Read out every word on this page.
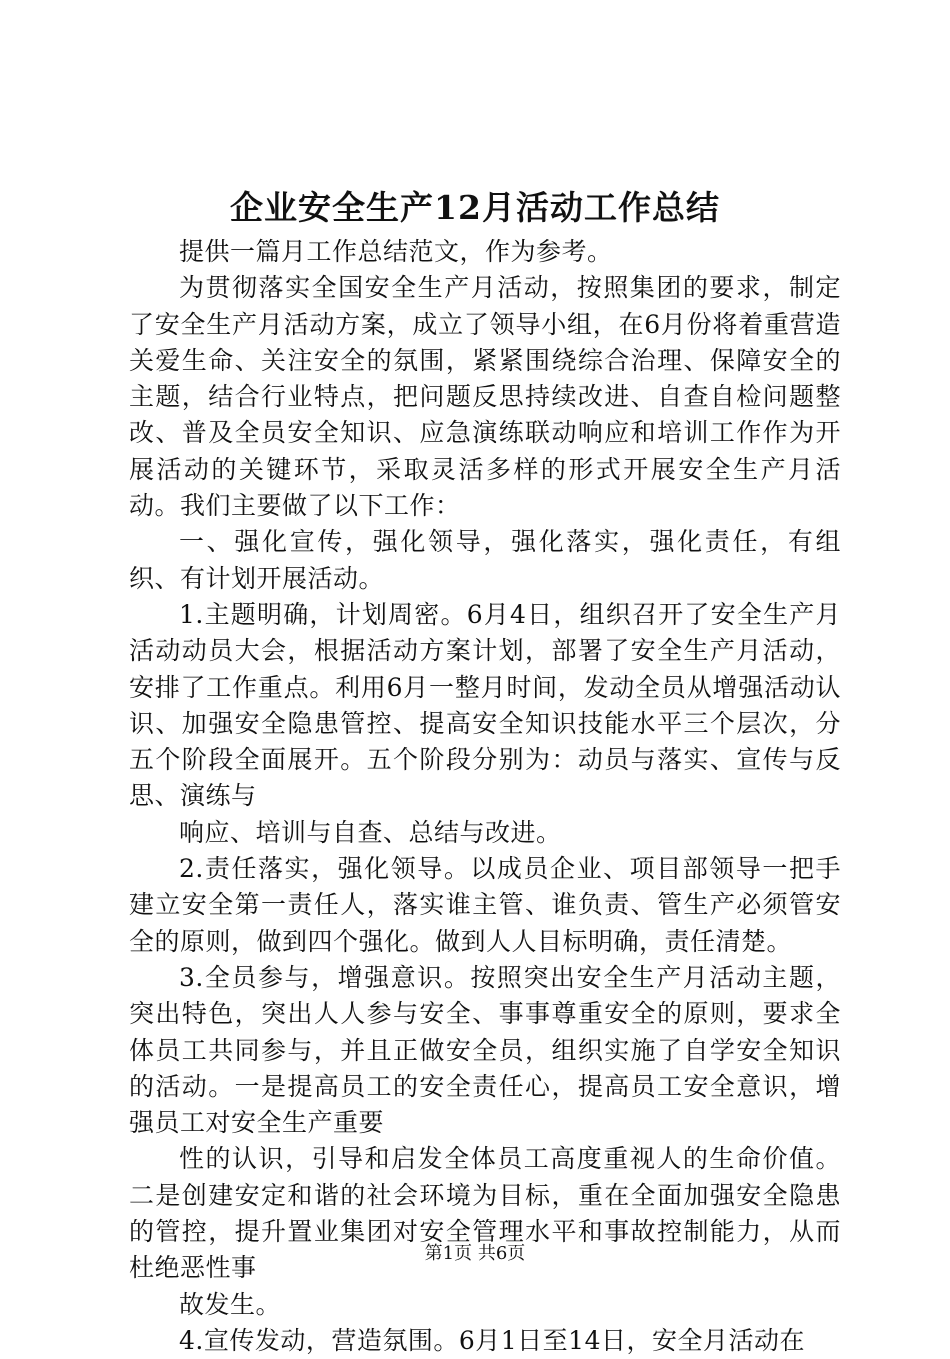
企业安全生产12月活动工作总结

提供一篇月工作总结范文，作为参考。

为贯彻落实全国安全生产月活动，按照集团的要求，制定了安全生产月活动方案，成立了领导小组，在6月份将着重营造关爱生命、关注安全的氛围，紧紧围绕综合治理、保障安全的主题，结合行业特点，把问题反思持续改进、自查自检问题整改、普及全员安全知识、应急演练联动响应和培训工作作为开展活动的关键环节，采取灵活多样的形式开展安全生产月活动。我们主要做了以下工作：

一、强化宣传，强化领导，强化落实，强化责任，有组织、有计划开展活动。

1.主题明确，计划周密。6月4日，组织召开了安全生产月活动动员大会，根据活动方案计划，部署了安全生产月活动，安排了工作重点。利用6月一整月时间，发动全员从增强活动认识、加强安全隐患管控、提高安全知识技能水平三个层次，分五个阶段全面展开。五个阶段分别为：动员与落实、宣传与反思、演练与

响应、培训与自查、总结与改进。

2.责任落实，强化领导。以成员企业、项目部领导一把手建立安全第一责任人，落实谁主管、谁负责、管生产必须管安全的原则，做到四个强化。做到人人目标明确，责任清楚。

3.全员参与，增强意识。按照突出安全生产月活动主题，突出特色，突出人人参与安全、事事尊重安全的原则，要求全体员工共同参与，并且正做安全员，组织实施了自学安全知识的活动。一是提高员工的安全责任心，提高员工安全意识，增强员工对安全生产重要

性的认识，引导和启发全体员工高度重视人的生命价值。二是创建安定和谐的社会环境为目标，重在全面加强安全隐患的管控，提升置业集团对安全管理水平和事故控制能力，从而杜绝恶性事

故发生。

4.宣传发动，营造氛围。6月1日至14日，安全月活动在

第1页 共6页
